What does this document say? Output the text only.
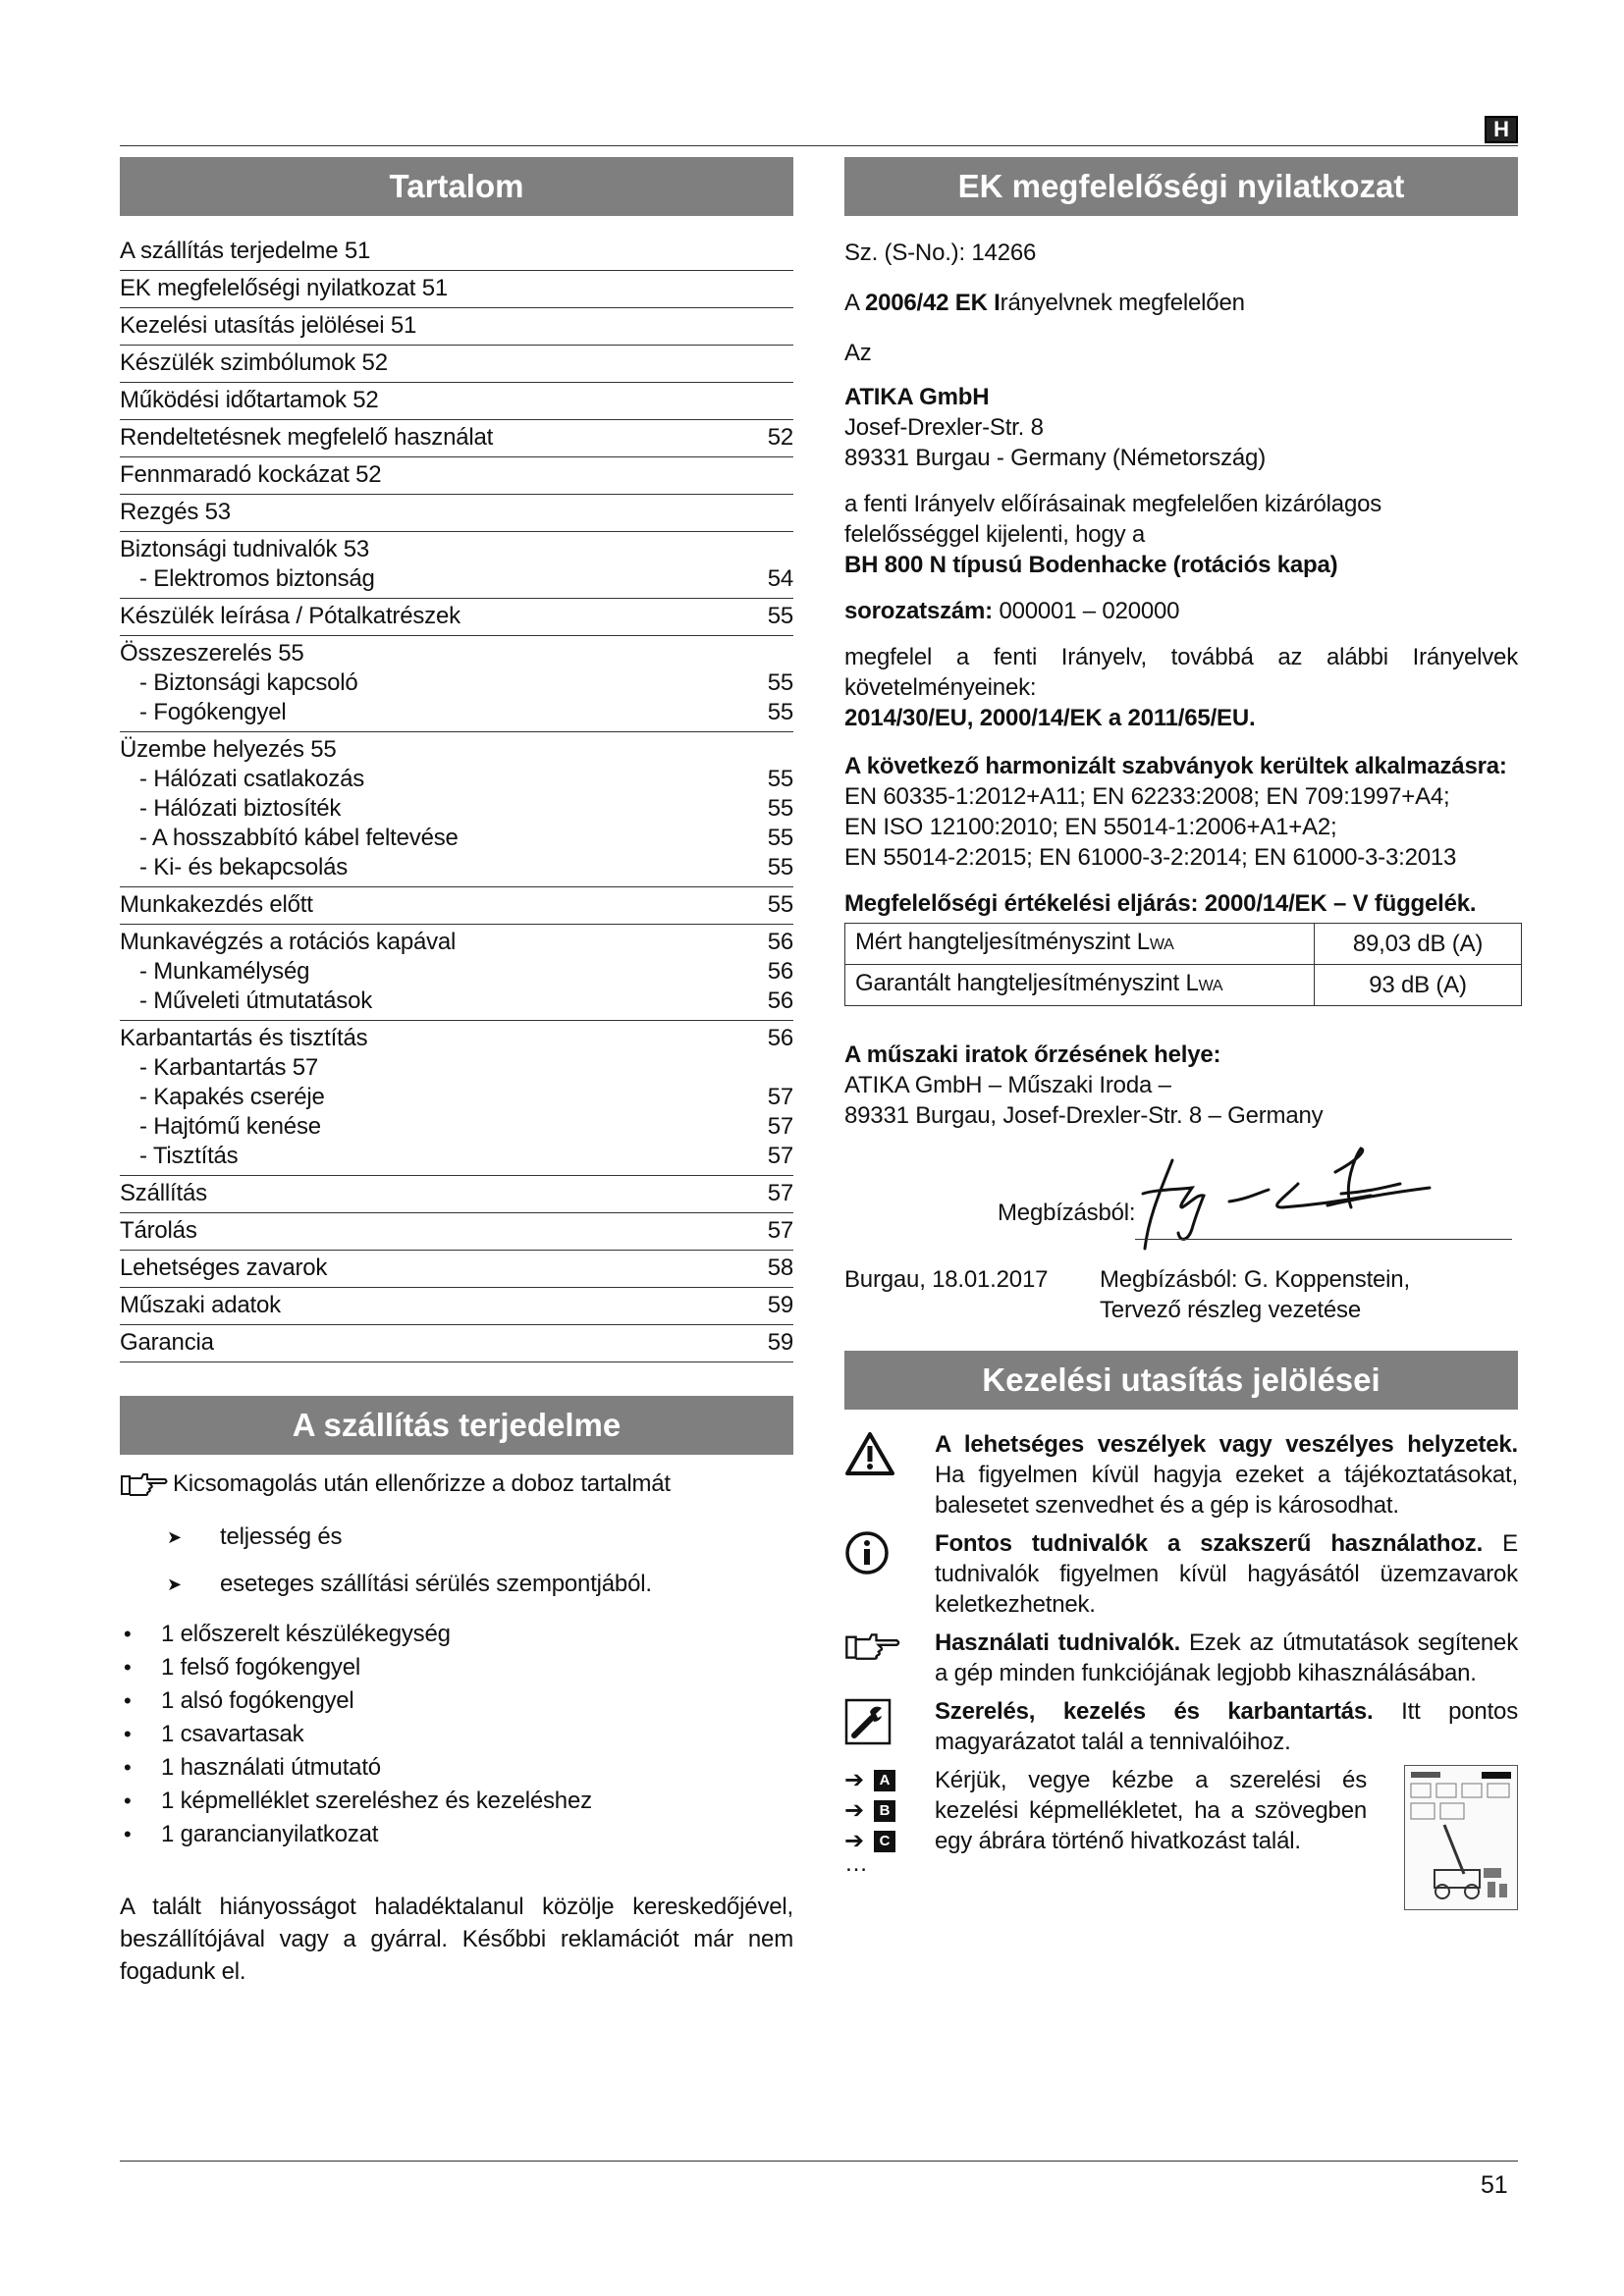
H
Tartalom
A szállítás terjedelme 51
EK megfelelőségi nyilatkozat 51
Kezelési utasítás jelölései 51
Készülék szimbólumok 52
Működési időtartamok 52
Rendeltetésnek megfelelő használat	52
Fennmaradó kockázat 52
Rezgés 53
Biztonsági tudnivalók 53
- Elektromos biztonság	54
Készülék leírása / Pótalkatrészek	55
Összeszerelés 55
- Biztonsági kapcsoló	55
- Fogókengyel	55
Üzembe helyezés 55
- Hálózati csatlakozás	55
- Hálózati biztosíték	55
- A hosszabbító kábel feltevése	55
- Ki- és bekapcsolás	55
Munkakezdés előtt	55
Munkavégzés a rotációs kapával	56
- Munkamélység	56
- Műveleti útmutatások	56
Karbantartás és tisztítás	56
- Karbantartás 57
- Kapakés cseréje	57
- Hajtómű kenése	57
- Tisztítás	57
Szállítás	57
Tárolás	57
Lehetséges zavarok	58
Műszaki adatok	59
Garancia	59
A szállítás terjedelme
Kicsomagolás után ellenőrizze a doboz tartalmát
➤	teljesség és
➤	eseteges szállítási sérülés szempontjából.
•	1 előszerelt készülékegység
•	1 felső fogókengyel
•	1 alsó fogókengyel
•	1 csavartasak
•	1 használati útmutató
•	1 képmelléklet szereléshez és kezeléshez
•	1 garancianyilatkozat
A talált hiányosságot haladéktalanul közölje kereskedőjével, beszállítójával vagy a gyárral. Későbbi reklamációt már nem fogadunk el.
EK megfelelőségi nyilatkozat

Sz. (S-No.): 14266

A 2006/42 EK Irányelvnek megfelelően

Az

ATIKA GmbH

Josef-Drexler-Str. 8

89331 Burgau - Germany (Németország)

a fenti Irányelv előírásainak megfelelően kizárólagos felelősséggel kijelenti, hogy a

BH 800 N típusú Bodenhacke (rotációs kapa)

sorozatszám: 000001 – 020000

megfelel a fenti Irányelv, továbbá az alábbi Irányelvek követelményeinek:

2014/30/EU, 2000/14/EK a 2011/65/EU.

A következő harmonizált szabványok kerültek alkalmazásra:

EN 60335-1:2012+A11; EN 62233:2008; EN 709:1997+A4;

EN ISO 12100:2010; EN 55014-1:2006+A1+A2;

EN 55014-2:2015; EN 61000-3-2:2014; EN 61000-3-3:2013

Megfelelőségi értékelési eljárás: 2000/14/EK – V függelék.

Mért hangteljesítményszint LWA	89,03 dB (A)
Garantált hangteljesítményszint LWA	93 dB (A)

A műszaki iratok őrzésének helye:

ATIKA GmbH – Műszaki Iroda –

89331 Burgau, Josef-Drexler-Str. 8 – Germany

Megbízásból:
Burgau, 18.01.2017	Megbízásból: G. Koppenstein,
Tervező részleg vezetése
Kezelési utasítás jelölései
A lehetséges veszélyek vagy veszélyes helyzetek. Ha figyelmen kívül hagyja ezeket a tájékoztatásokat, balesetet szenvedhet és a gép is károsodhat.
Fontos tudnivalók a szakszerű használathoz. E tudnivalók figyelmen kívül hagyásától üzemzavarok keletkezhetnek.
Használati tudnivalók. Ezek az útmutatások segítenek a gép minden funkciójának legjobb kihasználásában.
Szerelés, kezelés és karbantartás. Itt pontos magyarázatot talál a tennivalóihoz.
➔	A
➔	B
➔	C
Kérjük, vegye kézbe a szerelési és kezelési képmellékletet, ha a szövegben egy ábrára történő hivatkozást talál.
…
51
